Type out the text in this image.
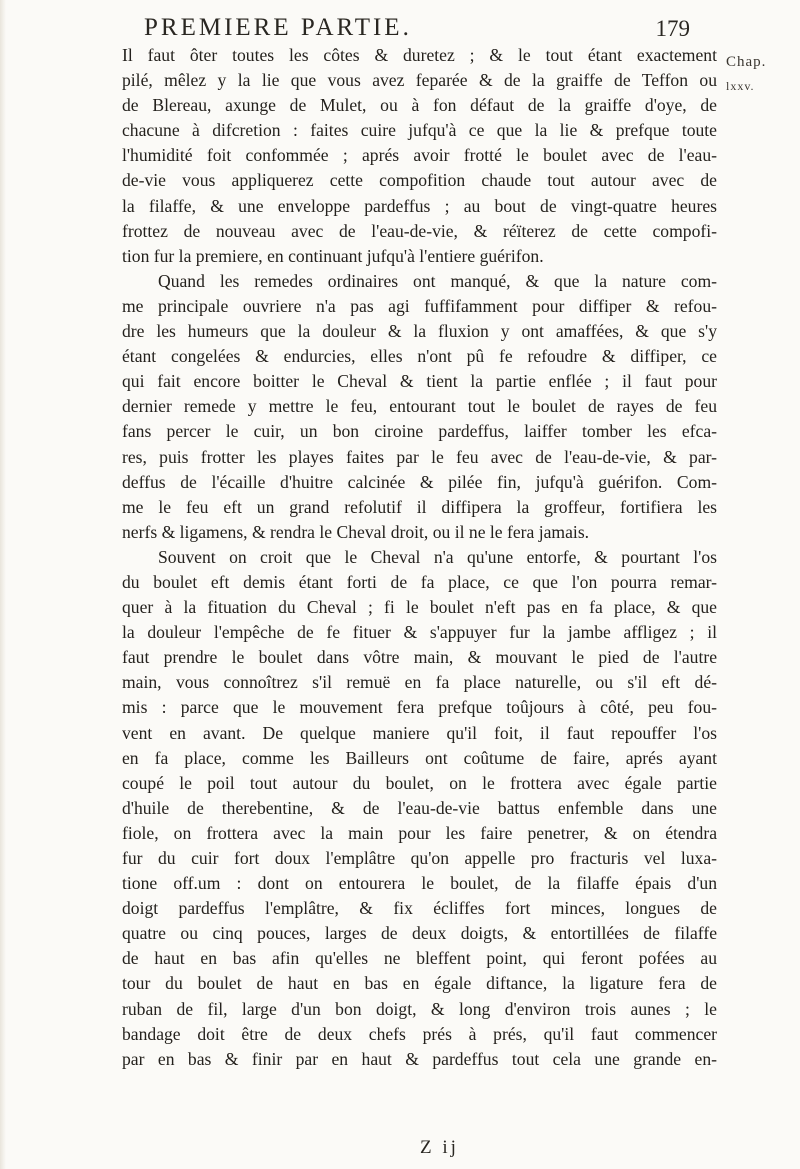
PREMIERE PARTIE.	179
Chap.
lxxv.
Il faut ôter toutes les côtes & duretez ; & le tout étant exactement
pilé, mêlez y la lie que vous avez feparée & de la graiffe de Teffon ou
de Blereau, axunge de Mulet, ou à fon défaut de la graiffe d'oye, de
chacune à difcretion : faites cuire jufqu'à ce que la lie & prefque toute
l'humidité foit confommée ; aprés avoir frotté le boulet avec de l'eau-
de-vie vous appliquerez cette compofition chaude tout autour avec de
la filaffe, & une enveloppe pardeffus ; au bout de vingt-quatre heures
frottez de nouveau avec de l'eau-de-vie, & réïterez de cette compofi-
tion fur la premiere, en continuant jufqu'à l'entiere guérifon.
Quand les remedes ordinaires ont manqué, & que la nature com-
me principale ouvriere n'a pas agi fuffifamment pour diffiper & refou-
dre les humeurs que la douleur & la fluxion y ont amaffées, & que s'y
étant congelées & endurcies, elles n'ont pû fe refoudre & diffiper, ce
qui fait encore boitter le Cheval & tient la partie enflée ; il faut pour
dernier remede y mettre le feu, entourant tout le boulet de rayes de feu
fans percer le cuir, un bon ciroine pardeffus, laiffer tomber les efca-
res, puis frotter les playes faites par le feu avec de l'eau-de-vie, & par-
deffus de l'écaille d'huitre calcinée & pilée fin, jufqu'à guérifon. Com-
me le feu eft un grand refolutif il diffipera la groffeur, fortifiera les
nerfs & ligamens, & rendra le Cheval droit, ou il ne le fera jamais.
Souvent on croit que le Cheval n'a qu'une entorfe, & pourtant l'os
du boulet eft demis étant forti de fa place, ce que l'on pourra remar-
quer à la fituation du Cheval ; fi le boulet n'eft pas en fa place, & que
la douleur l'empêche de fe fituer & s'appuyer fur la jambe affligez ; il
faut prendre le boulet dans vôtre main, & mouvant le pied de l'autre
main, vous connoîtrez s'il remuë en fa place naturelle, ou s'il eft dé-
mis : parce que le mouvement fera prefque toûjours à côté, peu fou-
vent en avant. De quelque maniere qu'il foit, il faut repouffer l'os
en fa place, comme les Bailleurs ont coûtume de faire, aprés ayant
coupé le poil tout autour du boulet, on le frottera avec égale partie
d'huile de therebentine, & de l'eau-de-vie battus enfemble dans une
fiole, on frottera avec la main pour les faire penetrer, & on étendra
fur du cuir fort doux l'emplâtre qu'on appelle pro fracturis vel luxa-
tione off.um : dont on entourera le boulet, de la filaffe épais d'un
doigt pardeffus l'emplâtre, & fix écliffes fort minces, longues de
quatre ou cinq pouces, larges de deux doigts, & entortillées de filaffe
de haut en bas afin qu'elles ne bleffent point, qui feront pofées au
tour du boulet de haut en bas en égale diftance, la ligature fera de
ruban de fil, large d'un bon doigt, & long d'environ trois aunes ; le
bandage doit être de deux chefs prés à prés, qu'il faut commencer
par en bas & finir par en haut & pardeffus tout cela une grande en-
Z ij
